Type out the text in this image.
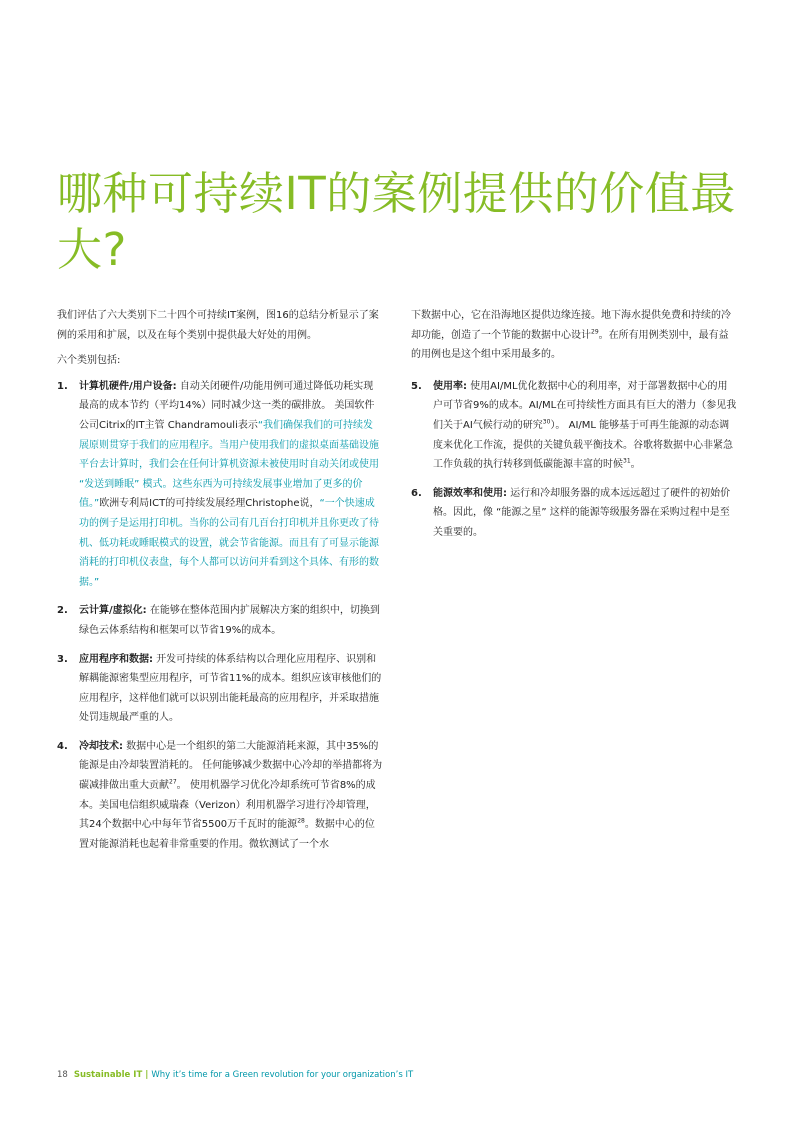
哪种可持续IT的案例提供的价值最大?

我们评估了六大类别下二十四个可持续IT案例，图16的总结分析显示了案例的采用和扩展，以及在每个类别中提供最大好处的用例。

六个类别包括:

1.	计算机硬件/用户设备: 自动关闭硬件/功能用例可通过降低功耗实现最高的成本节约（平均14%）同时减少这一类的碳排放。 美国软件公司Citrix的IT主管 Chandramouli表示“我们确保我们的可持续发展原则贯穿于我们的应用程序。当用户使用我们的虚拟桌面基础设施平台去计算时，我们会在任何计算机资源未被使用时自动关闭或使用 “发送到睡眠” 模式。这些东西为可持续发展事业增加了更多的价值。”欧洲专利局ICT的可持续发展经理Christophe说，“一个快速成功的例子是运用打印机。当你的公司有几百台打印机并且你更改了待机、低功耗或睡眠模式的设置，就会节省能源。而且有了可显示能源消耗的打印机仪表盘，每个人都可以访问并看到这个具体、有形的数据。”
2.	云计算/虚拟化: 在能够在整体范围内扩展解决方案的组织中，切换到绿色云体系结构和框架可以节省19%的成本。
3.	应用程序和数据: 开发可持续的体系结构以合理化应用程序、识别和解耦能源密集型应用程序，可节省11%的成本。组织应该审核他们的应用程序，这样他们就可以识别出能耗最高的应用程序，并采取措施处罚违规最严重的人。
4.	冷却技术: 数据中心是一个组织的第二大能源消耗来源，其中35%的能源是由冷却装置消耗的。 任何能够减少数据中心冷却的举措都将为碳减排做出重大贡献$^{27}$。 使用机器学习优化冷却系统可节省8%的成本。美国电信组织威瑞森（Verizon）利用机器学习进行冷却管理， 其24个数据中心中每年节省5500万千瓦时的能源$^{28}$。数据中心的位置对能源消耗也起着非常重要的作用。微软测试了一个水
下数据中心，它在沿海地区提供边缘连接。地下海水提供免费和持续的冷却功能，创造了一个节能的数据中心设计$^{29}$。在所有用例类别中，最有益的用例也是这个组中采用最多的。
5.	使用率: 使用AI/ML优化数据中心的利用率，对于部署数据中心的用户可节省9%的成本。AI/ML在可持续性方面具有巨大的潜力（参见我们关于AI气候行动的研究$^{30}$）。 AI/ML 能够基于可再生能源的动态调度来优化工作流，提供的关键负载平衡技术。谷歌将数据中心非紧急工作负载的执行转移到低碳能源丰富的时候$^{31}$。
6.	能源效率和使用: 运行和冷却服务器的成本远远超过了硬件的初始价格。因此，像 “能源之星” 这样的能源等级服务器在采购过程中是至关重要的。
18 Sustainable IT | Why it’s time for a Green revolution for your organization’s IT
